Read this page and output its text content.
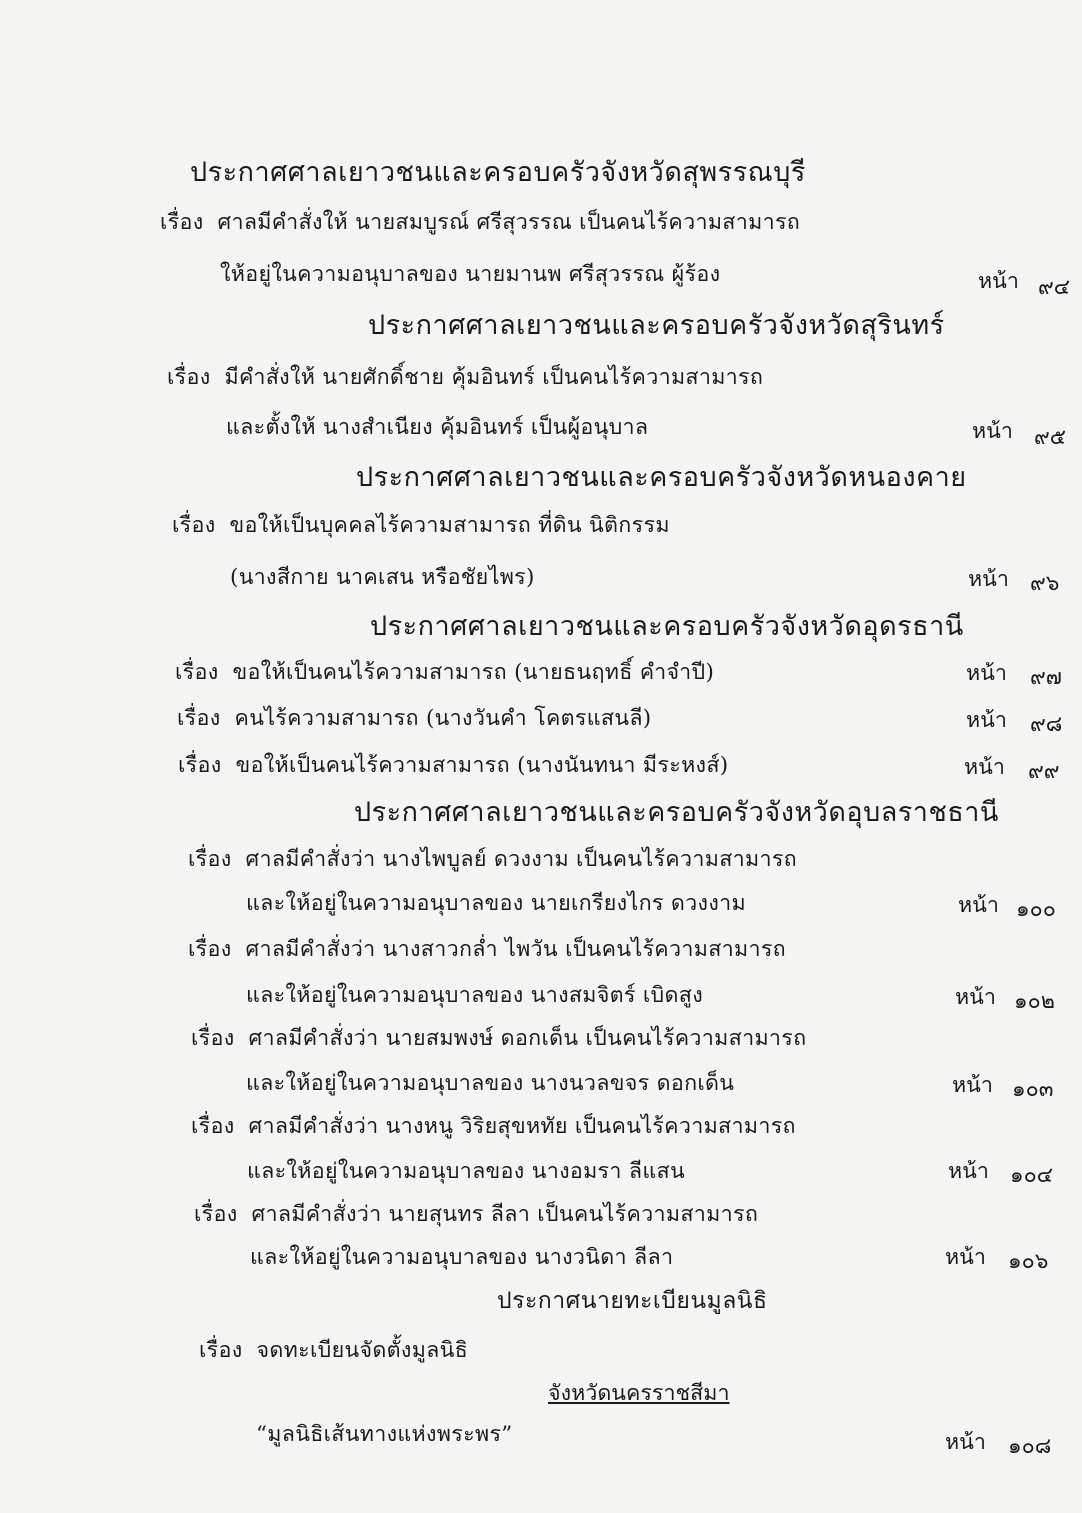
ประกาศศาลเยาวชนและครอบครัวจังหวัดสุพรรณบุรี
เรื่อง ศาลมีคำสั่งให้ นายสมบูรณ์ ศรีสุวรรณ เป็นคนไร้ความสามารถ
ให้อยู่ในความอนุบาลของ นายมานพ ศรีสุวรรณ ผู้ร้อง	หน้า ๙๔
ประกาศศาลเยาวชนและครอบครัวจังหวัดสุรินทร์
เรื่อง มีคำสั่งให้ นายศักดิ์ชาย คุ้มอินทร์ เป็นคนไร้ความสามารถ
และตั้งให้ นางสำเนียง คุ้มอินทร์ เป็นผู้อนุบาล	หน้า ๙๕
ประกาศศาลเยาวชนและครอบครัวจังหวัดหนองคาย
เรื่อง ขอให้เป็นบุคคลไร้ความสามารถ ที่ดิน นิติกรรม
(นางสีกาย นาคเสน หรือชัยไพร)	หน้า ๙๖
ประกาศศาลเยาวชนและครอบครัวจังหวัดอุดรธานี
เรื่อง ขอให้เป็นคนไร้ความสามารถ (นายธนฤทธิ์ คำจำปี)	หน้า ๙๗
เรื่อง คนไร้ความสามารถ (นางวันคำ โคตรแสนลี)	หน้า ๙๘
เรื่อง ขอให้เป็นคนไร้ความสามารถ (นางนันทนา มีระหงส์)	หน้า ๙๙
ประกาศศาลเยาวชนและครอบครัวจังหวัดอุบลราชธานี
เรื่อง ศาลมีคำสั่งว่า นางไพบูลย์ ดวงงาม เป็นคนไร้ความสามารถ
และให้อยู่ในความอนุบาลของ นายเกรียงไกร ดวงงาม	หน้า ๑๐๐
เรื่อง ศาลมีคำสั่งว่า นางสาวกล่ำ ไพวัน เป็นคนไร้ความสามารถ
และให้อยู่ในความอนุบาลของ นางสมจิตร์ เบิดสูง	หน้า ๑๐๒
เรื่อง ศาลมีคำสั่งว่า นายสมพงษ์ ดอกเด็น เป็นคนไร้ความสามารถ
และให้อยู่ในความอนุบาลของ นางนวลขจร ดอกเด็น	หน้า ๑๐๓
เรื่อง ศาลมีคำสั่งว่า นางหนู วิริยสุขหทัย เป็นคนไร้ความสามารถ
และให้อยู่ในความอนุบาลของ นางอมรา ลีแสน	หน้า ๑๐๔
เรื่อง ศาลมีคำสั่งว่า นายสุนทร ลีลา เป็นคนไร้ความสามารถ
และให้อยู่ในความอนุบาลของ นางวนิดา ลีลา	หน้า ๑๐๖
ประกาศนายทะเบียนมูลนิธิ
เรื่อง จดทะเบียนจัดตั้งมูลนิธิ
จังหวัดนครราชสีมา
“มูลนิธิเส้นทางแห่งพระพร”	หน้า ๑๐๘
